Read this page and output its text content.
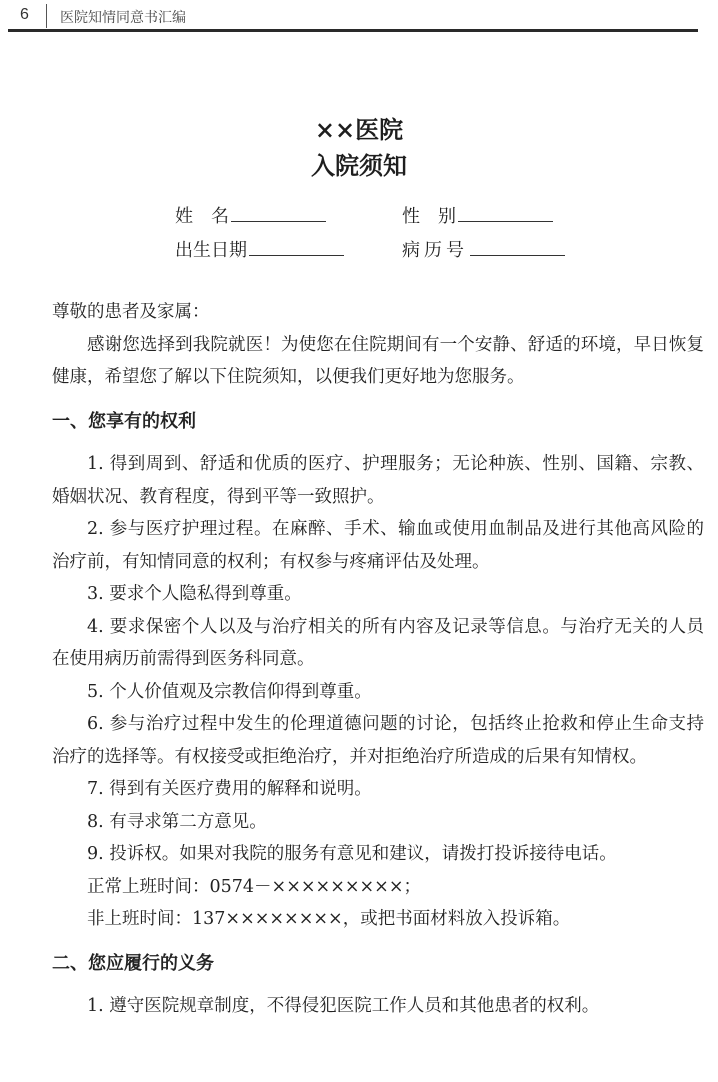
6 医院知情同意书汇编
××医院
入院须知
姓　名	性　别
出生日期	病历号

尊敬的患者及家属：

感谢您选择到我院就医！为使您在住院期间有一个安静、舒适的环境，早日恢复健康，希望您了解以下住院须知，以便我们更好地为您服务。

一、您享有的权利

1. 得到周到、舒适和优质的医疗、护理服务；无论种族、性别、国籍、宗教、婚姻状况、教育程度，得到平等一致照护。

2. 参与医疗护理过程。在麻醉、手术、输血或使用血制品及进行其他高风险的治疗前，有知情同意的权利；有权参与疼痛评估及处理。

3. 要求个人隐私得到尊重。

4. 要求保密个人以及与治疗相关的所有内容及记录等信息。与治疗无关的人员在使用病历前需得到医务科同意。

5. 个人价值观及宗教信仰得到尊重。

6. 参与治疗过程中发生的伦理道德问题的讨论，包括终止抢救和停止生命支持治疗的选择等。有权接受或拒绝治疗，并对拒绝治疗所造成的后果有知情权。

7. 得到有关医疗费用的解释和说明。

8. 有寻求第二方意见。

9. 投诉权。如果对我院的服务有意见和建议，请拨打投诉接待电话。

正常上班时间：0574－×××××××××；

非上班时间：137××××××××，或把书面材料放入投诉箱。

二、您应履行的义务

1. 遵守医院规章制度，不得侵犯医院工作人员和其他患者的权利。
